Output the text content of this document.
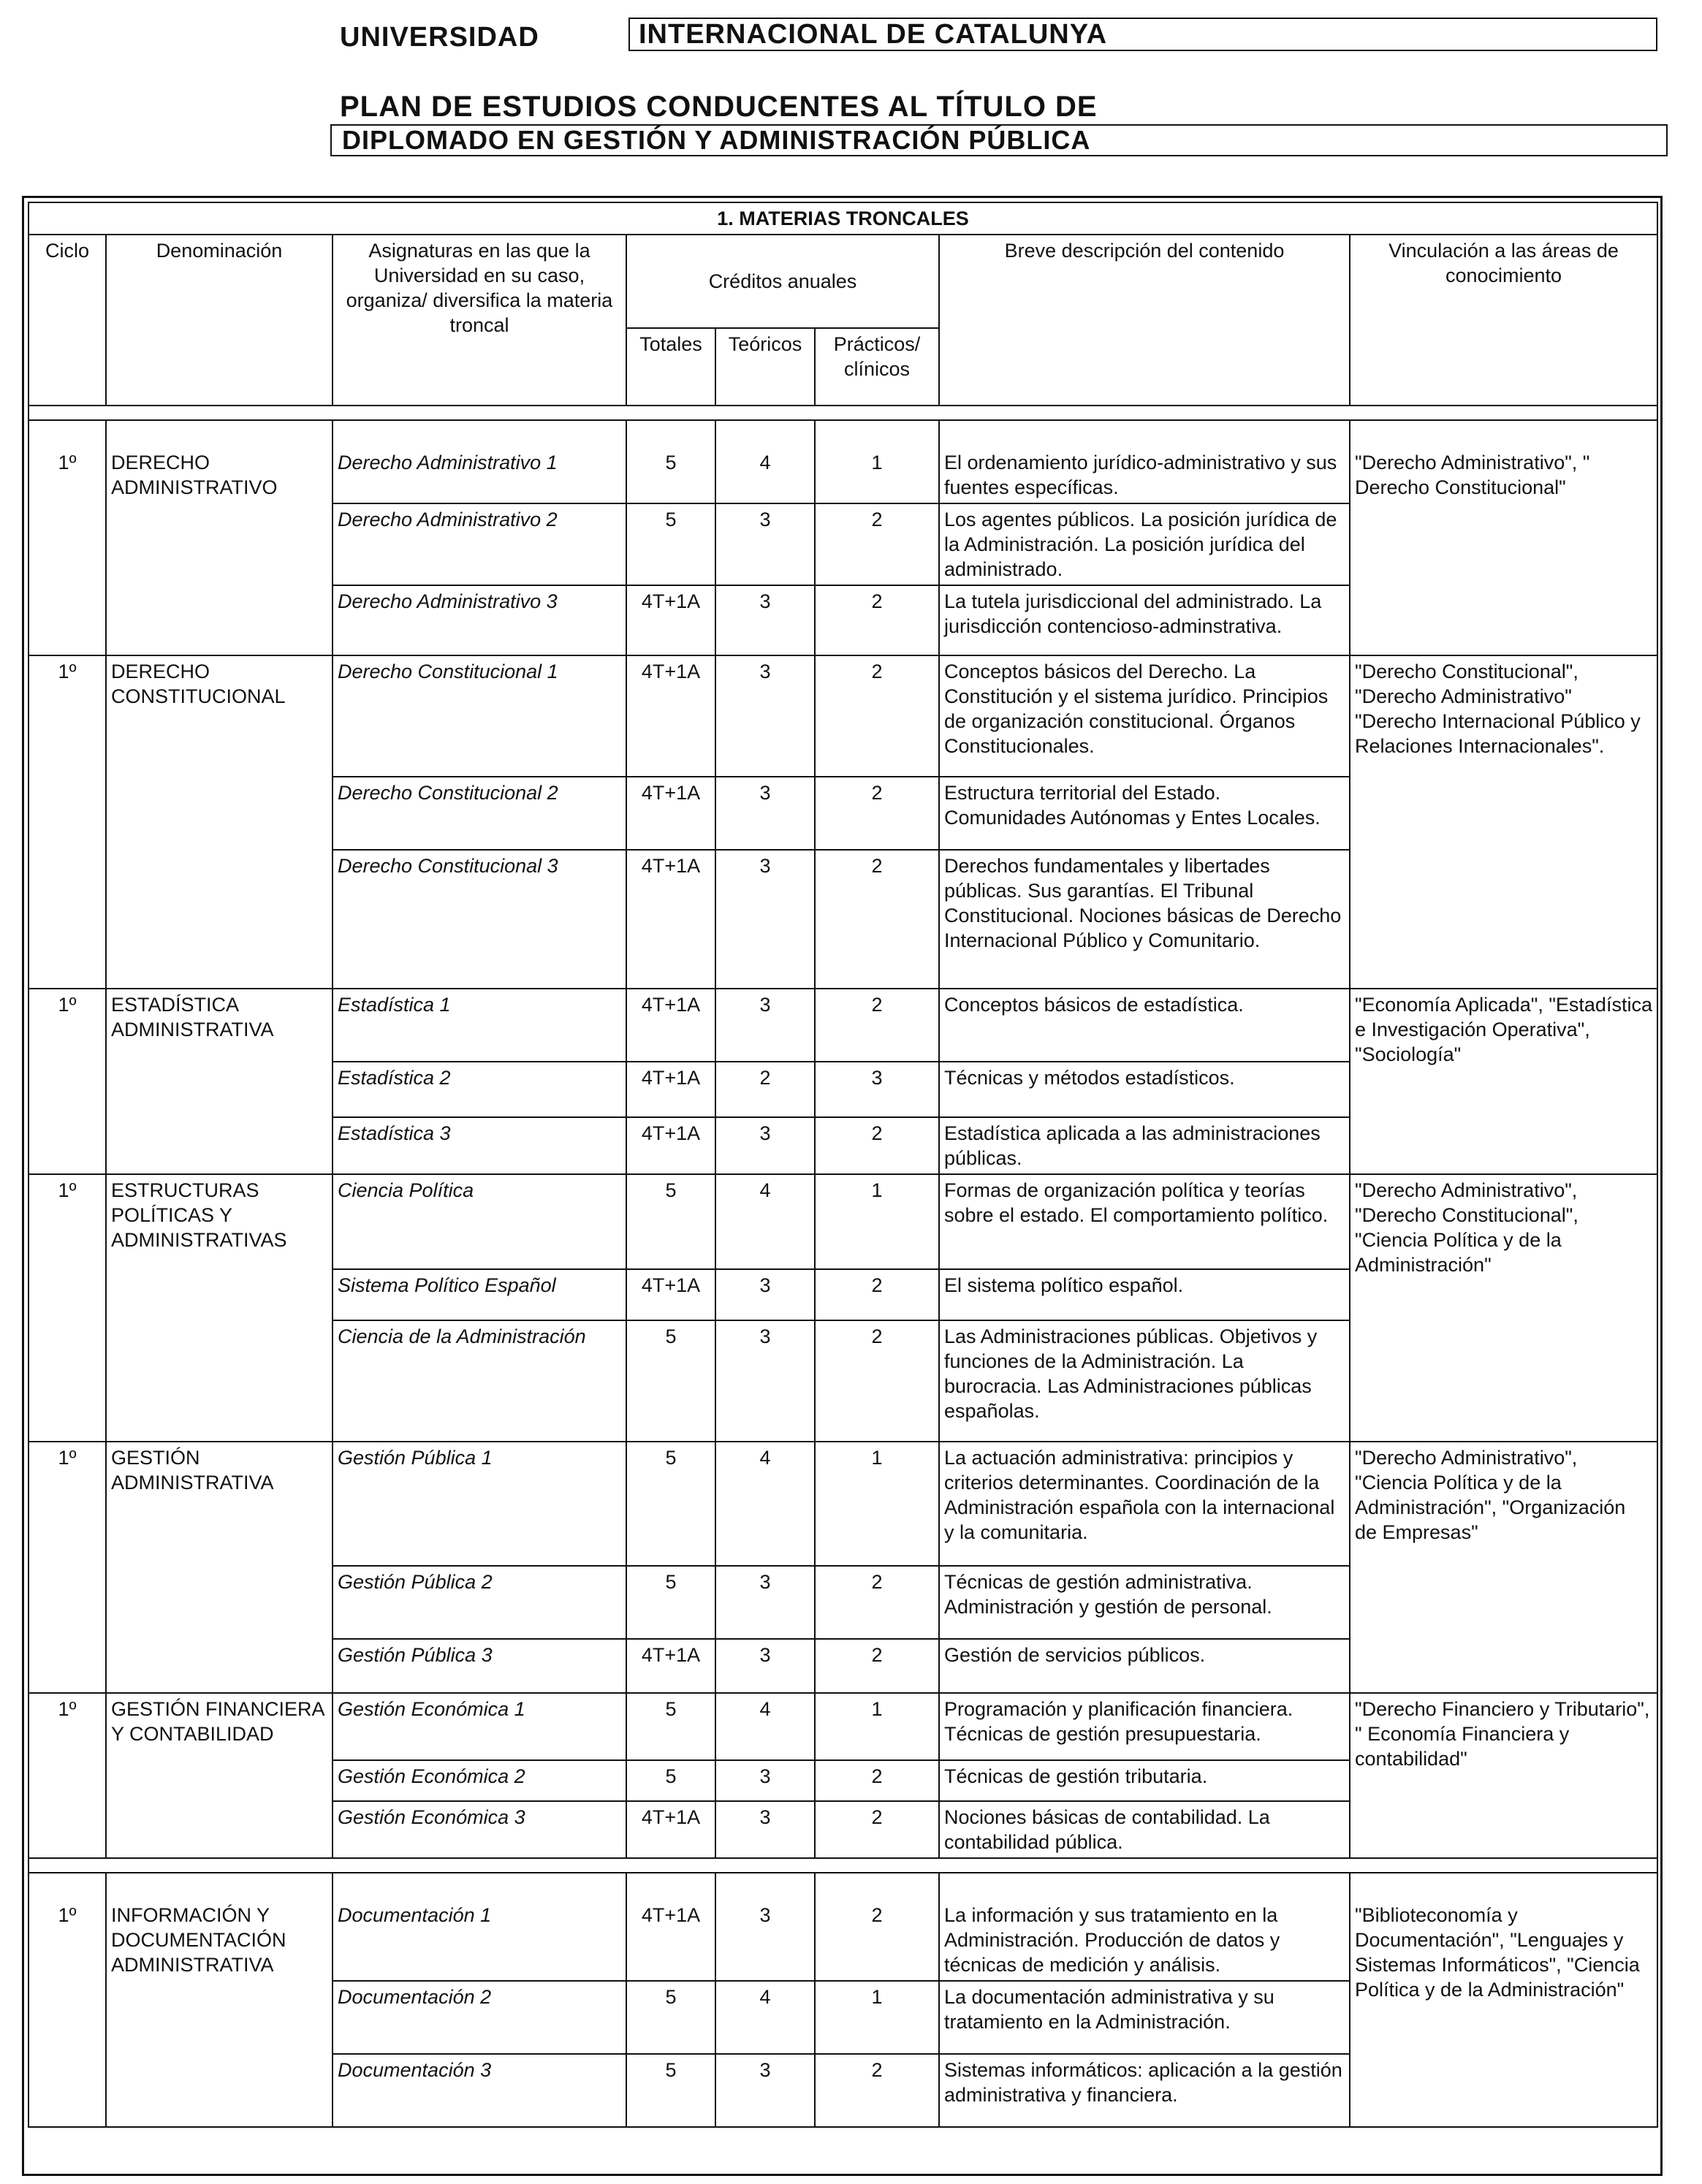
UNIVERSIDAD	INTERNACIONAL DE CATALUNYA
PLAN DE ESTUDIOS CONDUCENTES AL TÍTULO DE
DIPLOMADO EN GESTIÓN Y ADMINISTRACIÓN PÚBLICA
1. MATERIAS TRONCALES							
Ciclo	Denominación	Asignaturas en las que la Universidad en su caso, organiza/ diversifica la materia troncal	Créditos anuales			Breve descripción del contenido	Vinculación a las áreas de conocimiento
			Totales	Teóricos	Prácticos/ clínicos		

1º	DERECHO ADMINISTRATIVO	Derecho Administrativo 1	5	4	1	El ordenamiento jurídico-administrativo y sus fuentes específicas.	"Derecho Administrativo", " Derecho Constitucional"
		Derecho Administrativo 2	5	3	2	Los agentes públicos. La posición jurídica de la Administración. La posición jurídica del administrado.	
		Derecho Administrativo 3	4T+1A	3	2	La tutela jurisdiccional del administrado. La jurisdicción contencioso-adminstrativa.	
1º	DERECHO CONSTITUCIONAL	Derecho Constitucional 1	4T+1A	3	2	Conceptos básicos del Derecho. La Constitución y el sistema jurídico. Principios de organización constitucional. Órganos Constitucionales.	"Derecho Constitucional", "Derecho Administrativo" "Derecho Internacional Público y Relaciones Internacionales".
		Derecho Constitucional 2	4T+1A	3	2	Estructura territorial del Estado. Comunidades Autónomas y Entes Locales.	
		Derecho Constitucional 3	4T+1A	3	2	Derechos fundamentales y libertades públicas. Sus garantías. El Tribunal Constitucional. Nociones básicas de Derecho Internacional Público y Comunitario.	
1º	ESTADÍSTICA ADMINISTRATIVA	Estadística 1	4T+1A	3	2	Conceptos básicos de estadística.	"Economía Aplicada", "Estadística e Investigación Operativa", "Sociología"
		Estadística 2	4T+1A	2	3	Técnicas y métodos estadísticos.	
		Estadística 3	4T+1A	3	2	Estadística aplicada a las administraciones públicas.	
1º	ESTRUCTURAS POLÍTICAS Y ADMINISTRATIVAS	Ciencia Política	5	4	1	Formas de organización política y teorías sobre el estado. El comportamiento político.	"Derecho Administrativo", "Derecho Constitucional", "Ciencia Política y de la Administración"
		Sistema Político Español	4T+1A	3	2	El sistema político español.	
		Ciencia de la Administración	5	3	2	Las Administraciones públicas. Objetivos y funciones de la Administración. La burocracia. Las Administraciones públicas españolas.	
1º	GESTIÓN ADMINISTRATIVA	Gestión Pública 1	5	4	1	La actuación administrativa: principios y criterios determinantes. Coordinación de la Administración española con la internacional y la comunitaria.	"Derecho Administrativo", "Ciencia Política y de la Administración", "Organización de Empresas"
		Gestión Pública 2	5	3	2	Técnicas de gestión administrativa. Administración y gestión de personal.	
		Gestión Pública 3	4T+1A	3	2	Gestión de servicios públicos.	
1º	GESTIÓN FINANCIERA Y CONTABILIDAD	Gestión Económica 1	5	4	1	Programación y planificación financiera. Técnicas de gestión presupuestaria.	"Derecho Financiero y Tributario", " Economía Financiera y contabilidad"
		Gestión Económica 2	5	3	2	Técnicas de gestión tributaria.	
		Gestión Económica 3	4T+1A	3	2	Nociones básicas de contabilidad. La contabilidad pública.	

1º	INFORMACIÓN Y DOCUMENTACIÓN ADMINISTRATIVA	Documentación 1	4T+1A	3	2	La información y sus tratamiento en la Administración. Producción de datos y técnicas de medición y análisis.	"Biblioteconomía y Documentación", "Lenguajes y Sistemas Informáticos", "Ciencia Política y de la Administración"
		Documentación 2	5	4	1	La documentación administrativa y su tratamiento en la Administración.	
		Documentación 3	5	3	2	Sistemas informáticos: aplicación a la gestión administrativa y financiera.	
